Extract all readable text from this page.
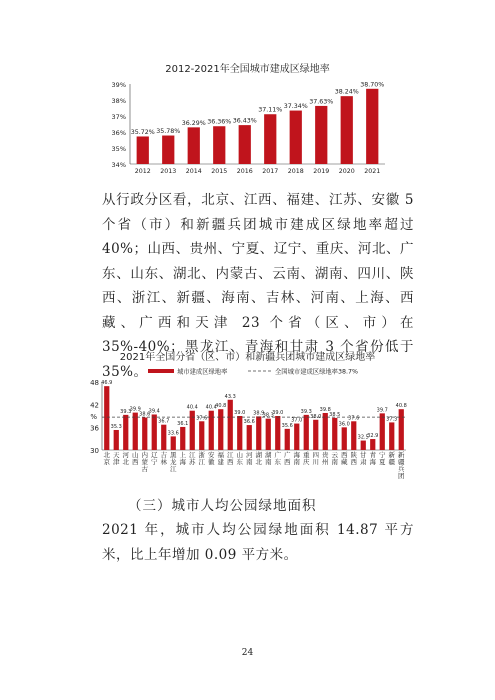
2012-2021年全国城市建成区绿地率
34%
35%
36%
37%
38%
39%
35.72%
2012
35.78%
2013
36.29%
2014
36.36%
2015
36.43%
2016
37.11%
2017
37.34%
2018
37.63%
2019
38.24%
2020
38.70%
2021
从行政分区看，北京、江西、福建、江苏、安徽 5 个省（市）和新疆兵团城市建成区绿地率超过 40%；山西、贵州、宁夏、辽宁、重庆、河北、广东、山东、湖北、内蒙古、云南、湖南、四川、陕西、浙江、新疆、海南、吉林、河南、上海、西藏、广西和天津 23 个省（区、市）在 35%-40%；黑龙江、青海和甘肃 3 个省份低于 35%。
2021年全国分省（区、市）和新疆兵团城市建成区绿地率
城市建成区绿地率	全国城市建成区绿地率38.7%
30
36
42
48
%
46.9
北京
35.3
天津
39.3
河北
39.9
山西
38.6
内蒙古
39.4
辽宁
36.7
吉林
33.6
黑龙江
36.1
上海
40.4
江苏
37.6
浙江
40.4
安徽
40.8
福建
43.3
江西
39.0
山东
36.6
河南
38.9
湖北
38.3
湖南
39.0
广东
35.6
广西
37.0
海南
39.3
重庆
38.0
四川
39.8
贵州
38.5
云南
36.0
西藏
37.6
陕西
32.5
甘肃
32.9
青海
39.7
宁夏
37.3
新疆
40.8
新疆兵团
（三）城市人均公园绿地面积
2021 年，城市人均公园绿地面积 14.87 平方米，比上年增加 0.09 平方米。
24
